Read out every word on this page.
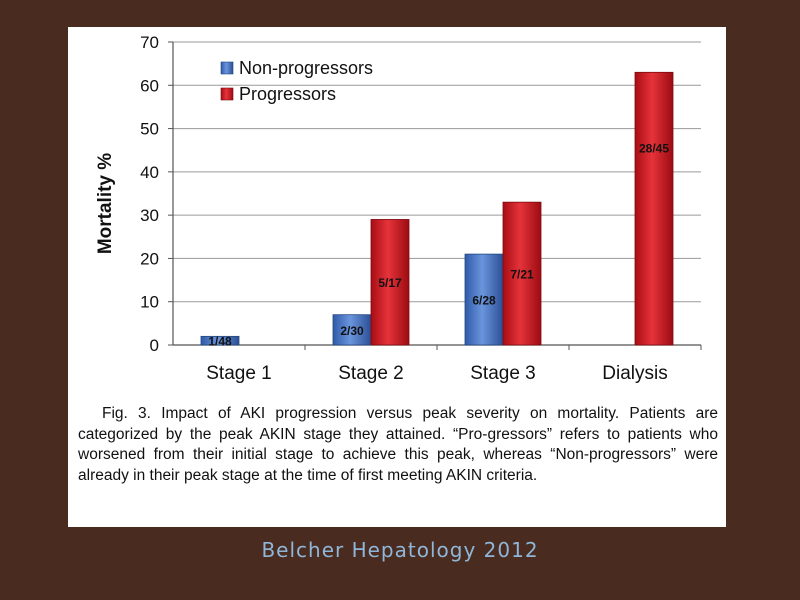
0
10
20
30
40
50
60
70
Mortality %
Stage 1	Stage 2	Stage 3	Dialysis
1/48
2/30
5/17
6/28
7/21
28/45
Non-progressors
Progressors
Fig. 3. Impact of AKI progression versus peak severity on mortality. Patients are categorized by the peak AKIN stage they attained. “Pro-gressors” refers to patients who worsened from their initial stage to achieve this peak, whereas “Non-progressors” were already in their peak stage at the time of first meeting AKIN criteria.
Belcher Hepatology 2012
